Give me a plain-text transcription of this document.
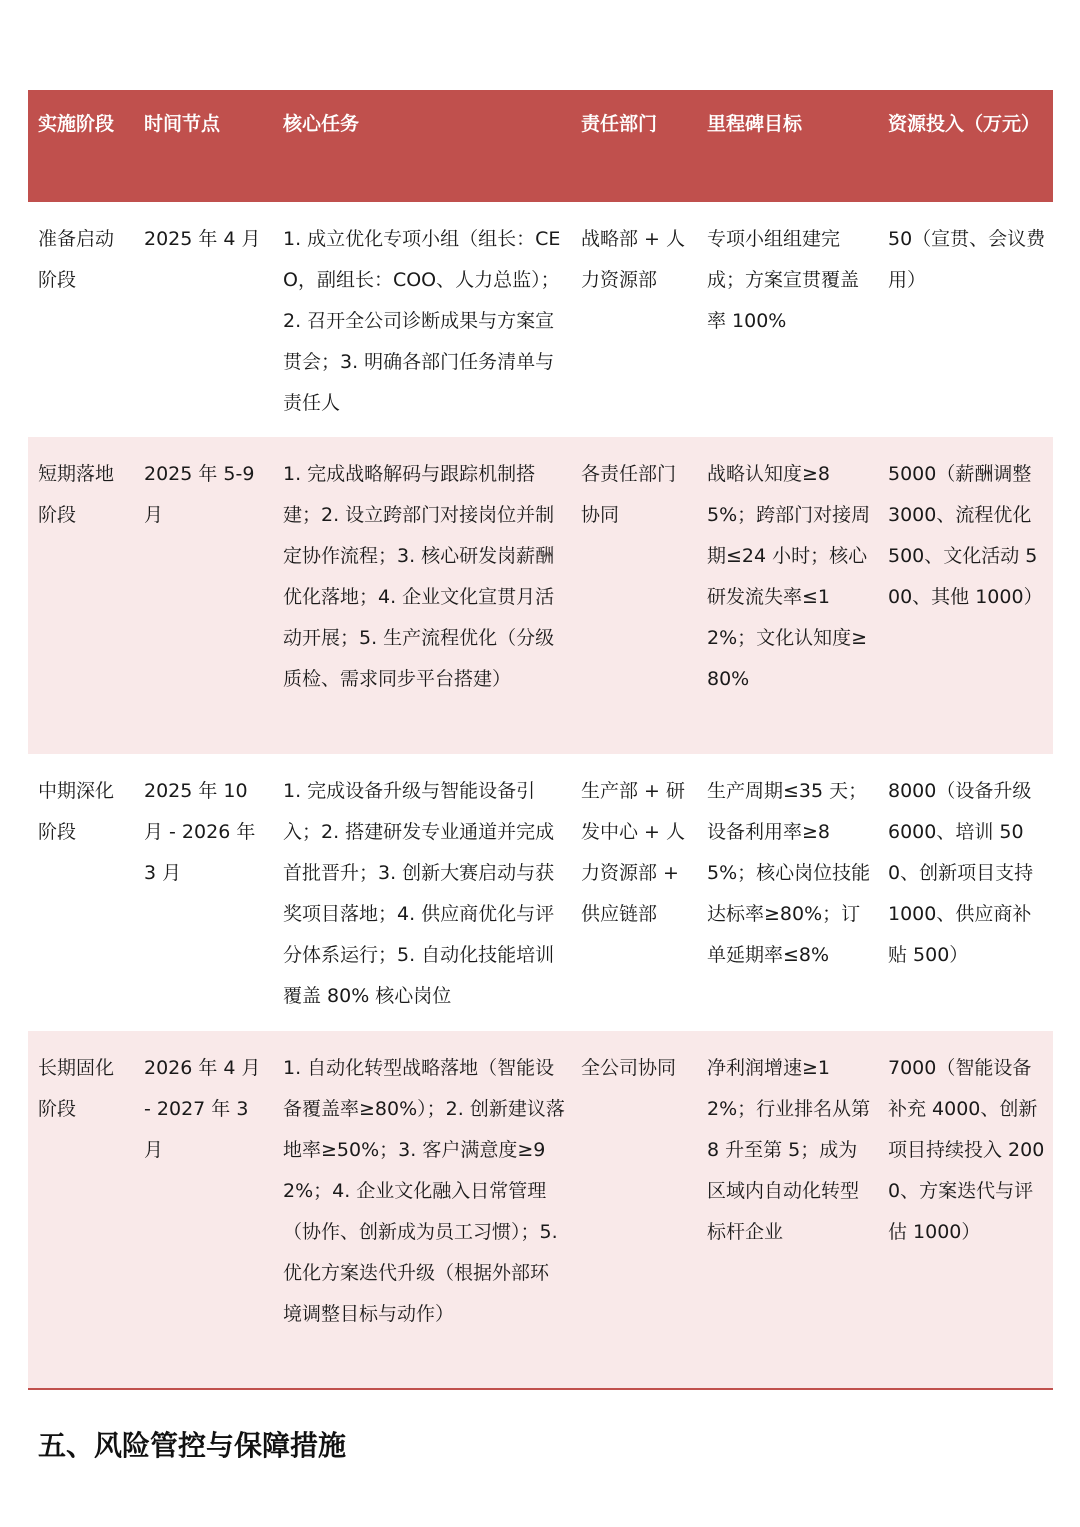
实施阶段	时间节点	核心任务	责任部门	里程碑目标	资源投入（万元）
准备启动阶段	2025 年 4 月	1. 成立优化专项小组（组长：CEO，副组长：COO、人力总监）；2. 召开全公司诊断成果与方案宣贯会；3. 明确各部门任务清单与责任人	战略部 + 人力资源部	专项小组组建完成；方案宣贯覆盖率 100%	50（宣贯、会议费用）
短期落地阶段	2025 年 5-9 月	1. 完成战略解码与跟踪机制搭建；2. 设立跨部门对接岗位并制定协作流程；3. 核心研发岗薪酬优化落地；4. 企业文化宣贯月活动开展；5. 生产流程优化（分级质检、需求同步平台搭建）	各责任部门协同	战略认知度≥85%；跨部门对接周期≤24 小时；核心研发流失率≤12%；文化认知度≥80%	5000（薪酬调整 3000、流程优化 500、文化活动 500、其他 1000）
中期深化阶段	2025 年 10 月 - 2026 年 3 月	1. 完成设备升级与智能设备引入；2. 搭建研发专业通道并完成首批晋升；3. 创新大赛启动与获奖项目落地；4. 供应商优化与评分体系运行；5. 自动化技能培训覆盖 80% 核心岗位	生产部 + 研发中心 + 人力资源部 + 供应链部	生产周期≤35 天；设备利用率≥85%；核心岗位技能达标率≥80%；订单延期率≤8%	8000（设备升级 6000、培训 500、创新项目支持 1000、供应商补贴 500）
长期固化阶段	2026 年 4 月 - 2027 年 3 月	1. 自动化转型战略落地（智能设备覆盖率≥80%）；2. 创新建议落地率≥50%；3. 客户满意度≥92%；4. 企业文化融入日常管理（协作、创新成为员工习惯）；5. 优化方案迭代升级（根据外部环境调整目标与动作）	全公司协同	净利润增速≥12%；行业排名从第 8 升至第 5；成为区域内自动化转型标杆企业	7000（智能设备补充 4000、创新项目持续投入 2000、方案迭代与评估 1000）
五、风险管控与保障措施
